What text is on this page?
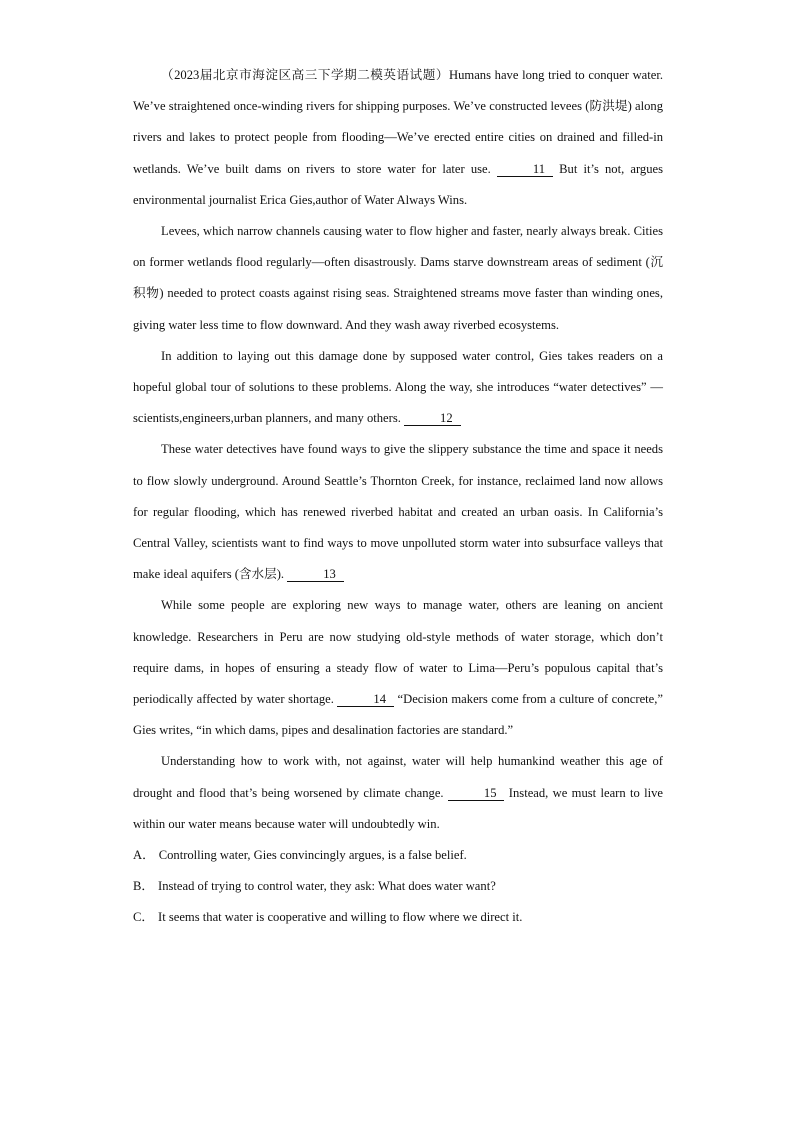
（2023届北京市海淀区高三下学期二模英语试题）Humans have long tried to conquer water. We’ve straightened once-winding rivers for shipping purposes. We’ve constructed levees (防洪堤) along rivers and lakes to protect people from flooding—We’ve erected entire cities on drained and filled-in wetlands. We’ve built dams on rivers to store water for later use.	11 But it’s not, argues environmental journalist Erica Gies,author of Water Always Wins.

Levees, which narrow channels causing water to flow higher and faster, nearly always break. Cities on former wetlands flood regularly—often disastrously. Dams starve downstream areas of sediment (沉积物) needed to protect coasts against rising seas. Straightened streams move faster than winding ones, giving water less time to flow downward. And they wash away riverbed ecosystems.

In addition to laying out this damage done by supposed water control, Gies takes readers on a hopeful global tour of solutions to these problems. Along the way, she introduces “water detectives” —scientists,engineers,urban planners, and many others.	12

These water detectives have found ways to give the slippery substance the time and space it needs to flow slowly underground. Around Seattle’s Thornton Creek, for instance, reclaimed land now allows for regular flooding, which has renewed riverbed habitat and created an urban oasis. In California’s Central Valley, scientists want to find ways to move unpolluted storm water into subsurface valleys that make ideal aquifers (含水层).	13

While some people are exploring new ways to manage water, others are leaning on ancient knowledge. Researchers in Peru are now studying old-style methods of water storage, which don’t require dams, in hopes of ensuring a steady flow of water to Lima—Peru’s populous capital that’s periodically affected by water shortage.	14 “Decision makers come from a culture of concrete,” Gies writes, “in which dams, pipes and desalination factories are standard.”

Understanding how to work with, not against, water will help humankind weather this age of drought and flood that’s being worsened by climate change.	15 Instead, we must learn to live within our water means because water will undoubtedly win.

A． Controlling water, Gies convincingly argues, is a false belief.

B． Instead of trying to control water, they ask: What does water want?

C． It seems that water is cooperative and willing to flow where we direct it.
